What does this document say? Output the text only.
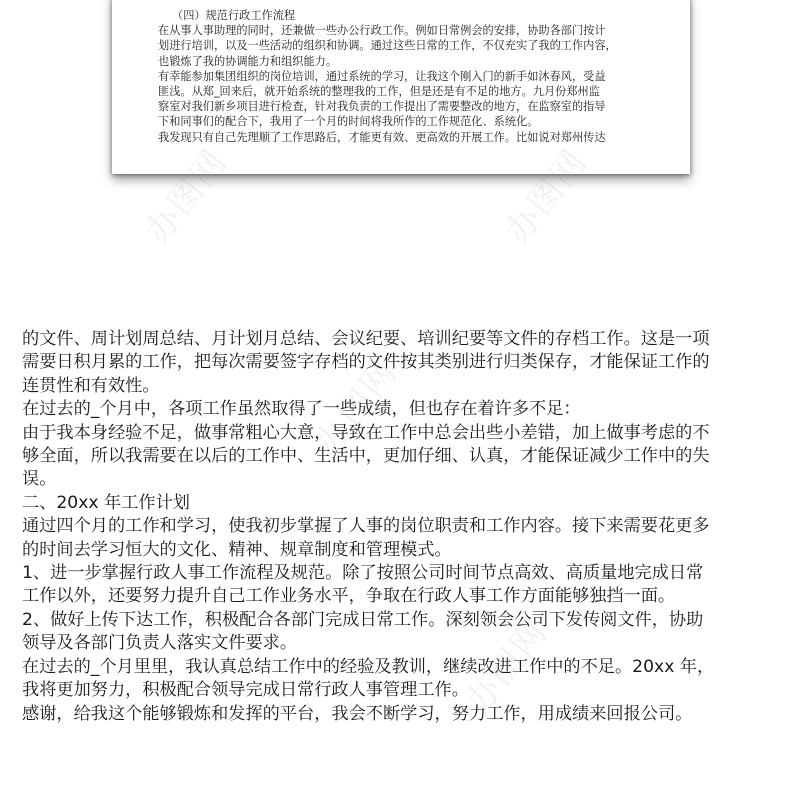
（四）规范行政工作流程

在从事人事助理的同时，还兼做一些办公行政工作。例如日常例会的安排，协助各部门按计

划进行培训，以及一些活动的组织和协调。通过这些日常的工作，不仅充实了我的工作内容，

也锻炼了我的协调能力和组织能力。

有幸能参加集团组织的岗位培训，通过系统的学习，让我这个刚入门的新手如沐春风，受益

匪浅。从郑_回来后，就开始系统的整理我的工作，但是还是有不足的地方。九月份郑州监

察室对我们新乡项目进行检查，针对我负责的工作提出了需要整改的地方，在监察室的指导

下和同事们的配合下，我用了一个月的时间将我所作的工作规范化、系统化。

我发现只有自己先理顺了工作思路后，才能更有效、更高效的开展工作。比如说对郑州传达

办图网	办图网
办图网
办图网

的文件、周计划周总结、月计划月总结、会议纪要、培训纪要等文件的存档工作。这是一项

需要日积月累的工作，把每次需要签字存档的文件按其类别进行归类保存，才能保证工作的

连贯性和有效性。

在过去的_个月中，各项工作虽然取得了一些成绩，但也存在着许多不足：

由于我本身经验不足，做事常粗心大意，导致在工作中总会出些小差错，加上做事考虑的不

够全面，所以我需要在以后的工作中、生活中，更加仔细、认真，才能保证减少工作中的失

误。

二、20xx 年工作计划

通过四个月的工作和学习，使我初步掌握了人事的岗位职责和工作内容。接下来需要花更多

的时间去学习恒大的文化、精神、规章制度和管理模式。

1、进一步掌握行政人事工作流程及规范。除了按照公司时间节点高效、高质量地完成日常

工作以外，还要努力提升自己工作业务水平，争取在行政人事工作方面能够独挡一面。

2、做好上传下达工作，积极配合各部门完成日常工作。深刻领会公司下发传阅文件，协助

领导及各部门负责人落实文件要求。

在过去的_个月里里，我认真总结工作中的经验及教训，继续改进工作中的不足。20xx 年，

我将更加努力，积极配合领导完成日常行政人事管理工作。

感谢，给我这个能够锻炼和发挥的平台，我会不断学习，努力工作，用成绩来回报公司。
